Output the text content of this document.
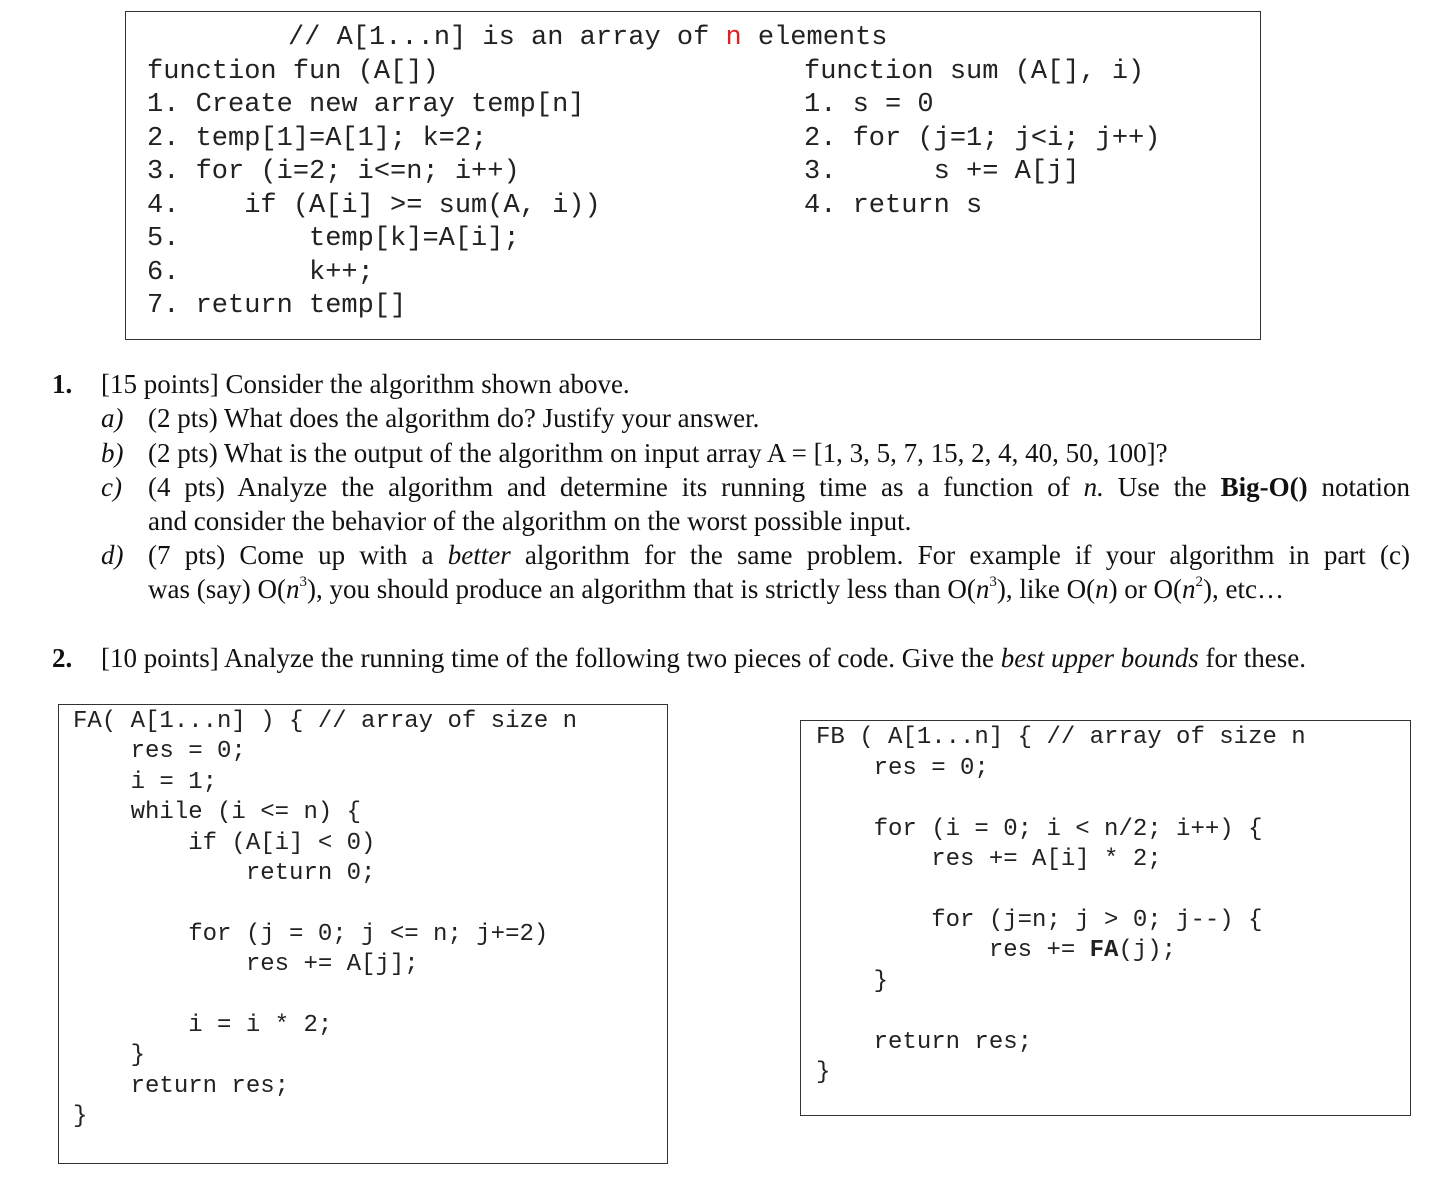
// A[1...n] is an array of n elements
function fun (A[])
1. Create new array temp[n]
2. temp[1]=A[1]; k=2;
3. for (i=2; i<=n; i++)
4.    if (A[i] >= sum(A, i))
5.        temp[k]=A[i];
6.        k++;
7. return temp[]
function sum (A[], i)
1. s = 0
2. for (j=1; j<i; j++)
3.      s += A[j]
4. return s
1. [15 points] Consider the algorithm shown above.
a) (2 pts) What does the algorithm do? Justify your answer.
b) (2 pts) What is the output of the algorithm on input array A = [1, 3, 5, 7, 15, 2, 4, 40, 50, 100]?
c) (4 pts) Analyze the algorithm and determine its running time as a function of n. Use the Big-O() notation
and consider the behavior of the algorithm on the worst possible input.
d) (7 pts) Come up with a better algorithm for the same problem. For example if your algorithm in part (c)
was (say) $O(n^3)$, you should produce an algorithm that is strictly less than $O(n^3)$, like O(n) or $O(n^2)$, etc…
2. [10 points] Analyze the running time of the following two pieces of code. Give the best upper bounds for these.
FA( A[1...n] ) { // array of size n
res = 0;
i = 1;
while (i <= n) {
if (A[i] < 0)
return 0;
for (j = 0; j <= n; j+=2)
res += A[j];
i = i * 2;
}
return res;
}
FB ( A[1...n] { // array of size n
res = 0;
for (i = 0; i < n/2; i++) {
res += A[i] * 2;
for (j=n; j > 0; j--) {
res += FA(j);
}
return res;
}
